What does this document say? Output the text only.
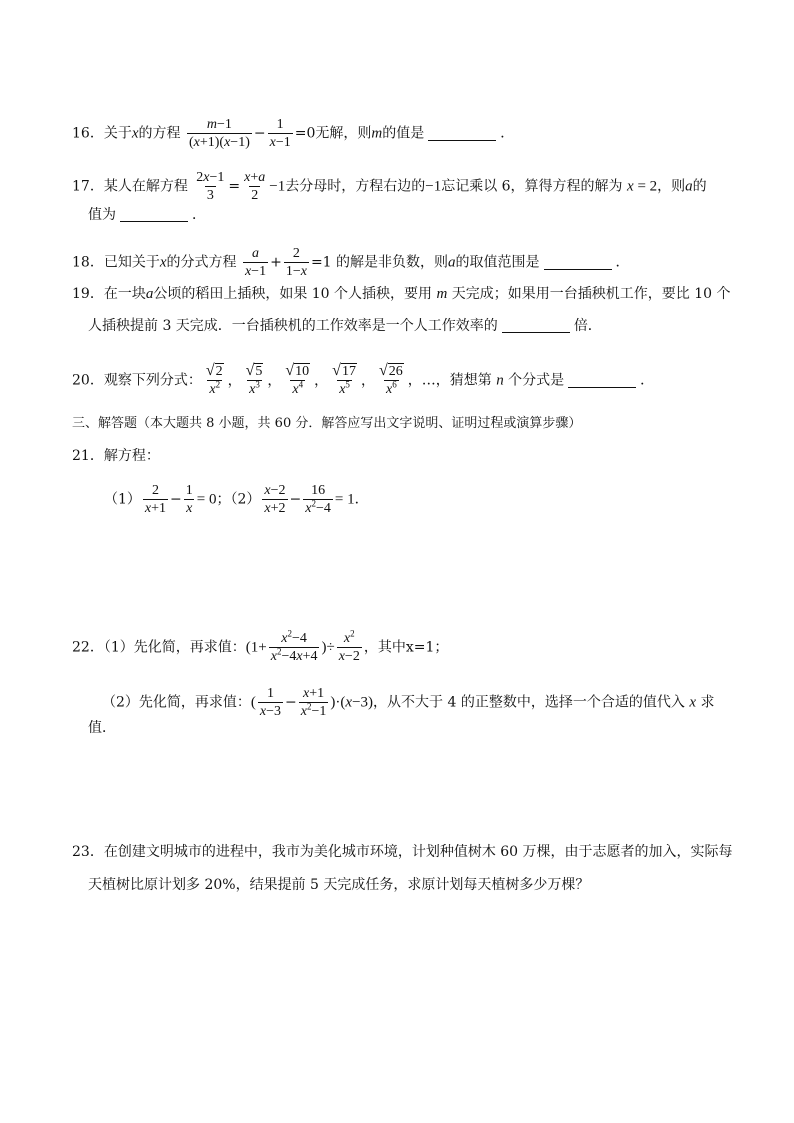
16．关于x的方程 $\frac{m-1}{(x+1)(x-1)} - \frac{1}{x-1} =0$无解，则m的值是	．
17．某人在解方程 $\frac{2x-1}{3} = \frac{x+a}{2} -1$去分母时，方程右边的−1忘记乘以 6，算得方程的解为 x = 2，则a的
值为	．
18．已知关于x的分式方程 $\frac{a}{x-1} + \frac{2}{1-x} =1$ 的解是非负数，则a的取值范围是	．
19．在一块a公顷的稻田上插秧，如果 10 个人插秧，要用 m 天完成；如果用一台插秧机工作，要比 10 个
人插秧提前 3 天完成．一台插秧机的工作效率是一个人工作效率的	倍．
20．观察下列分式： $\frac{√ 2}{x^2}$ ， $\frac{√ 5}{x^3}$ ， $\frac{√ 10}{x^4}$ ， $\frac{√ 17}{x^5}$ ， $\frac{√ 26}{x^6}$ ，…，猜想第 n 个分式是	．
三、解答题（本大题共 8 小题，共 60 分．解答应写出文字说明、证明过程或演算步骤）
21．解方程：
$(1) \frac{2}{x+1} - \frac{1}{x} = 0$；$(2) \frac{x-2}{x+2} - \frac{16}{x^2-4} = 1$．
22．（1）先化简，再求值：($1+ \frac{x^2-4}{x^2-4x+4}$ )÷ $\frac{x^2}{x-2}$ ，其中x=1；
（2）先化简，再求值：( $\frac{1}{x-3} - \frac{x+1}{x^2-1} )\cdot(x-3)$，从不大于 4 的正整数中，选择一个合适的值代入 x 求
值．
23．在创建文明城市的进程中，我市为美化城市环境，计划种值树木 60 万棵，由于志愿者的加入，实际每
天植树比原计划多 20%，结果提前 5 天完成任务，求原计划每天植树多少万棵？
